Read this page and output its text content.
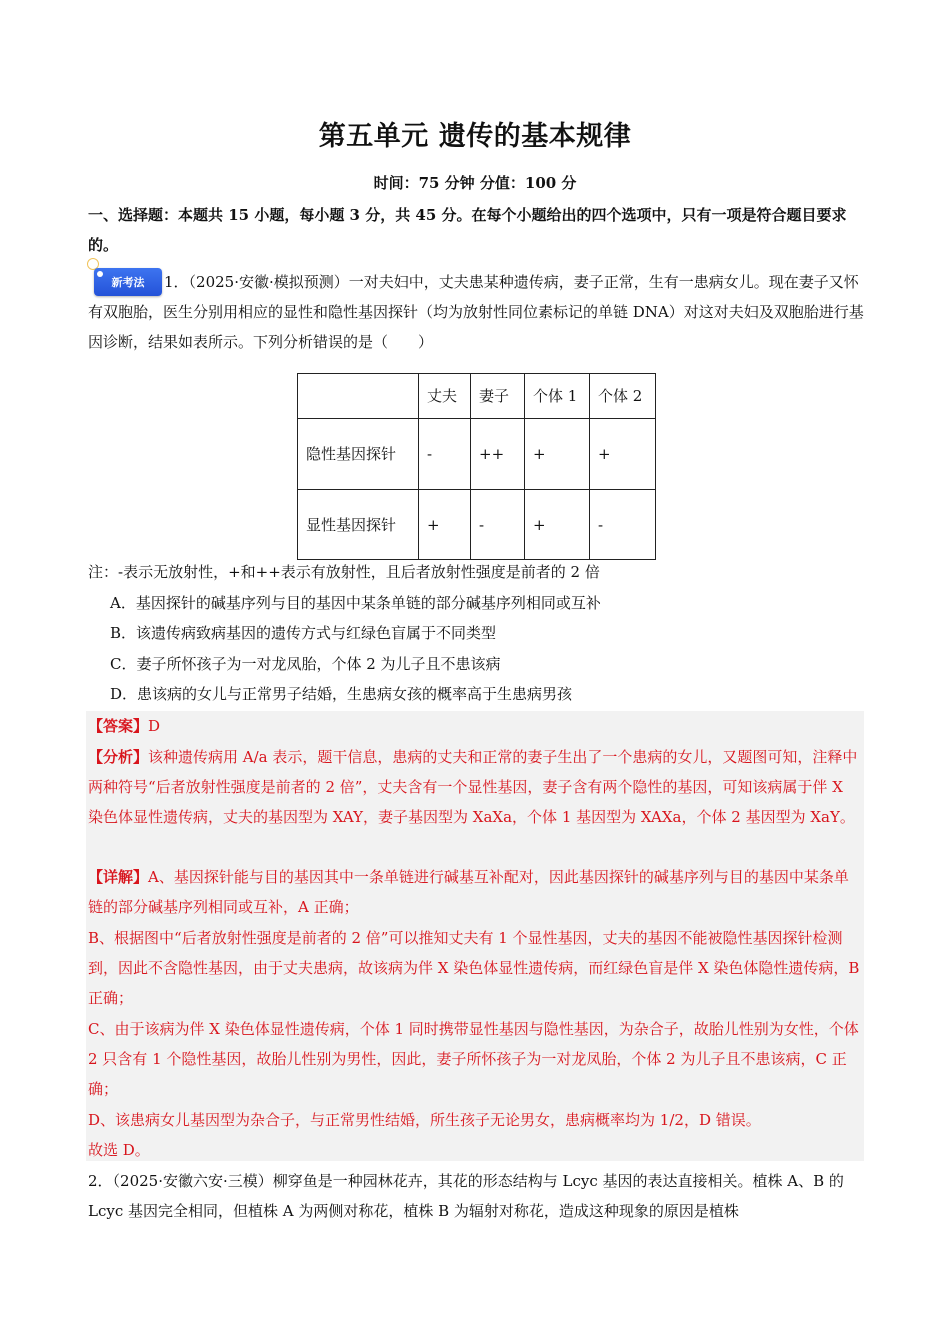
第五单元 遗传的基本规律
时间：75 分钟 分值：100 分
一、选择题：本题共 15 小题，每小题 3 分，共 45 分。在每个小题给出的四个选项中，只有一项是符合题目要求的。
新考法	1．（2025·安徽·模拟预测）一对夫妇中，丈夫患某种遗传病，妻子正常，生有一患病女儿。现在妻子又怀有双胞胎，医生分别用相应的显性和隐性基因探针（均为放射性同位素标记的单链 DNA）对这对夫妇及双胞胎进行基因诊断，结果如表所示。下列分析错误的是（　　）
	丈夫	妻子	个体 1	个体 2
隐性基因探针	-	++	+	+
显性基因探针	+	-	+	-
注：-表示无放射性，+和++表示有放射性，且后者放射性强度是前者的 2 倍
A．基因探针的碱基序列与目的基因中某条单链的部分碱基序列相同或互补
B．该遗传病致病基因的遗传方式与红绿色盲属于不同类型
C．妻子所怀孩子为一对龙凤胎，个体 2 为儿子且不患该病
D．患该病的女儿与正常男子结婚，生患病女孩的概率高于生患病男孩
【答案】D
【分析】该种遗传病用 A/a 表示，题干信息，患病的丈夫和正常的妻子生出了一个患病的女儿，又题图可知，注释中两种符号“后者放射性强度是前者的 2 倍”，丈夫含有一个显性基因，妻子含有两个隐性的基因，可知该病属于伴 X 染色体显性遗传病，丈夫的基因型为 XAY，妻子基因型为 XaXa，个体 1 基因型为 XAXa，个体 2 基因型为 XaY。
【详解】A、基因探针能与目的基因其中一条单链进行碱基互补配对，因此基因探针的碱基序列与目的基因中某条单链的部分碱基序列相同或互补，A 正确；
B、根据图中“后者放射性强度是前者的 2 倍”可以推知丈夫有 1 个显性基因，丈夫的基因不能被隐性基因探针检测到，因此不含隐性基因，由于丈夫患病，故该病为伴 X 染色体显性遗传病，而红绿色盲是伴 X 染色体隐性遗传病，B 正确；
C、由于该病为伴 X 染色体显性遗传病，个体 1 同时携带显性基因与隐性基因，为杂合子，故胎儿性别为女性，个体 2 只含有 1 个隐性基因，故胎儿性别为男性，因此，妻子所怀孩子为一对龙凤胎，个体 2 为儿子且不患该病，C 正确；
D、该患病女儿基因型为杂合子，与正常男性结婚，所生孩子无论男女，患病概率均为 1/2，D 错误。
故选 D。
2．（2025·安徽六安·三模）柳穿鱼是一种园林花卉，其花的形态结构与 Lcyc 基因的表达直接相关。植株 A、B 的 Lcyc 基因完全相同，但植株 A 为两侧对称花，植株 B 为辐射对称花，造成这种现象的原因是植株
